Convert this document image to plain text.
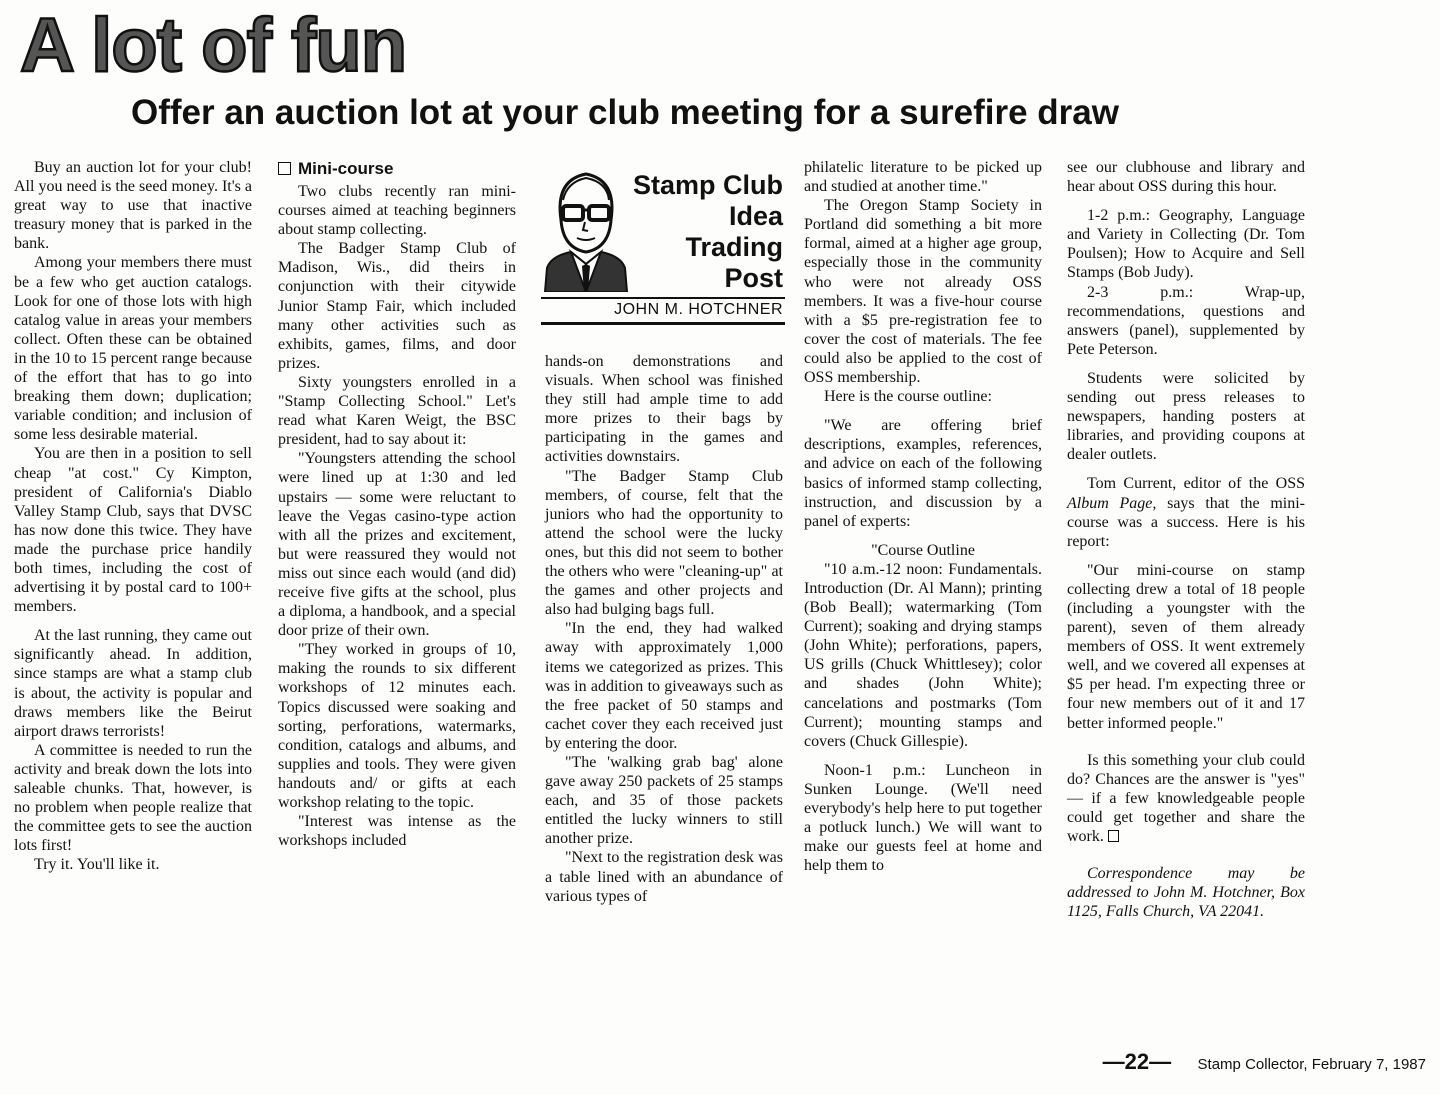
A lot of fun
Offer an auction lot at your club meeting for a surefire draw

Buy an auction lot for your club! All you need is the seed money. It's a great way to use that inactive treasury money that is parked in the bank.

Among your members there must be a few who get auction catalogs. Look for one of those lots with high catalog value in areas your members collect. Often these can be obtained in the 10 to 15 percent range because of the effort that has to go into breaking them down; duplication; variable condition; and inclusion of some less desirable material.

You are then in a position to sell cheap "at cost." Cy Kimpton, president of California's Diablo Valley Stamp Club, says that DVSC has now done this twice. They have made the purchase price handily both times, including the cost of advertising it by postal card to 100+ members.

At the last running, they came out significantly ahead. In addition, since stamps are what a stamp club is about, the activity is popular and draws members like the Beirut airport draws terrorists!

A committee is needed to run the activity and break down the lots into saleable chunks. That, however, is no problem when people realize that the committee gets to see the auction lots first!

Try it. You'll like it.

Mini-course

Two clubs recently ran mini-courses aimed at teaching beginners about stamp collecting.

The Badger Stamp Club of Madison, Wis., did theirs in conjunction with their citywide Junior Stamp Fair, which included many other activities such as exhibits, games, films, and door prizes.

Sixty youngsters enrolled in a "Stamp Collecting School." Let's read what Karen Weigt, the BSC president, had to say about it:

"Youngsters attending the school were lined up at 1:30 and led upstairs — some were reluctant to leave the Vegas casino-type action with all the prizes and excitement, but were reassured they would not miss out since each would (and did) receive five gifts at the school, plus a diploma, a handbook, and a special door prize of their own.

"They worked in groups of 10, making the rounds to six different workshops of 12 minutes each. Topics discussed were soaking and sorting, perforations, watermarks, condition, catalogs and albums, and supplies and tools. They were given handouts and/ or gifts at each workshop relating to the topic.

"Interest was intense as the workshops included

Stamp Club
Idea
Trading
Post
JOHN M. HOTCHNER

hands-on demonstrations and visuals. When school was finished they still had ample time to add more prizes to their bags by participating in the games and activities downstairs.

"The Badger Stamp Club members, of course, felt that the juniors who had the opportunity to attend the school were the lucky ones, but this did not seem to bother the others who were "cleaning-up" at the games and other projects and also had bulging bags full.

"In the end, they had walked away with approximately 1,000 items we categorized as prizes. This was in addition to giveaways such as the free packet of 50 stamps and cachet cover they each received just by entering the door.

"The 'walking grab bag' alone gave away 250 packets of 25 stamps each, and 35 of those packets entitled the lucky winners to still another prize.

"Next to the registration desk was a table lined with an abundance of various types of

philatelic literature to be picked up and studied at another time."

The Oregon Stamp Society in Portland did something a bit more formal, aimed at a higher age group, especially those in the community who were not already OSS members. It was a five-hour course with a $5 pre-registration fee to cover the cost of materials. The fee could also be applied to the cost of OSS membership.

Here is the course outline:

"We are offering brief descriptions, examples, references, and advice on each of the following basics of informed stamp collecting, instruction, and discussion by a panel of experts:

"Course Outline

"10 a.m.-12 noon: Fundamentals. Introduction (Dr. Al Mann); printing (Bob Beall); watermarking (Tom Current); soaking and drying stamps (John White); perforations, papers, US grills (Chuck Whittlesey); color and shades (John White); cancelations and postmarks (Tom Current); mounting stamps and covers (Chuck Gillespie).

Noon-1 p.m.: Luncheon in Sunken Lounge. (We'll need everybody's help here to put together a potluck lunch.) We will want to make our guests feel at home and help them to

see our clubhouse and library and hear about OSS during this hour.

1-2 p.m.: Geography, Language and Variety in Collecting (Dr. Tom Poulsen); How to Acquire and Sell Stamps (Bob Judy).

2-3 p.m.: Wrap-up, recommendations, questions and answers (panel), supplemented by Pete Peterson.

Students were solicited by sending out press releases to newspapers, handing posters at libraries, and providing coupons at dealer outlets.

Tom Current, editor of the OSS Album Page, says that the mini-course was a success. Here is his report:

"Our mini-course on stamp collecting drew a total of 18 people (including a youngster with the parent), seven of them already members of OSS. It went extremely well, and we covered all expenses at $5 per head. I'm expecting three or four new members out of it and 17 better informed people."

Is this something your club could do? Chances are the answer is "yes" — if a few knowledgeable people could get together and share the work.

Correspondence may be addressed to John M. Hotchner, Box 1125, Falls Church, VA 22041.

—22— Stamp Collector, February 7, 1987
